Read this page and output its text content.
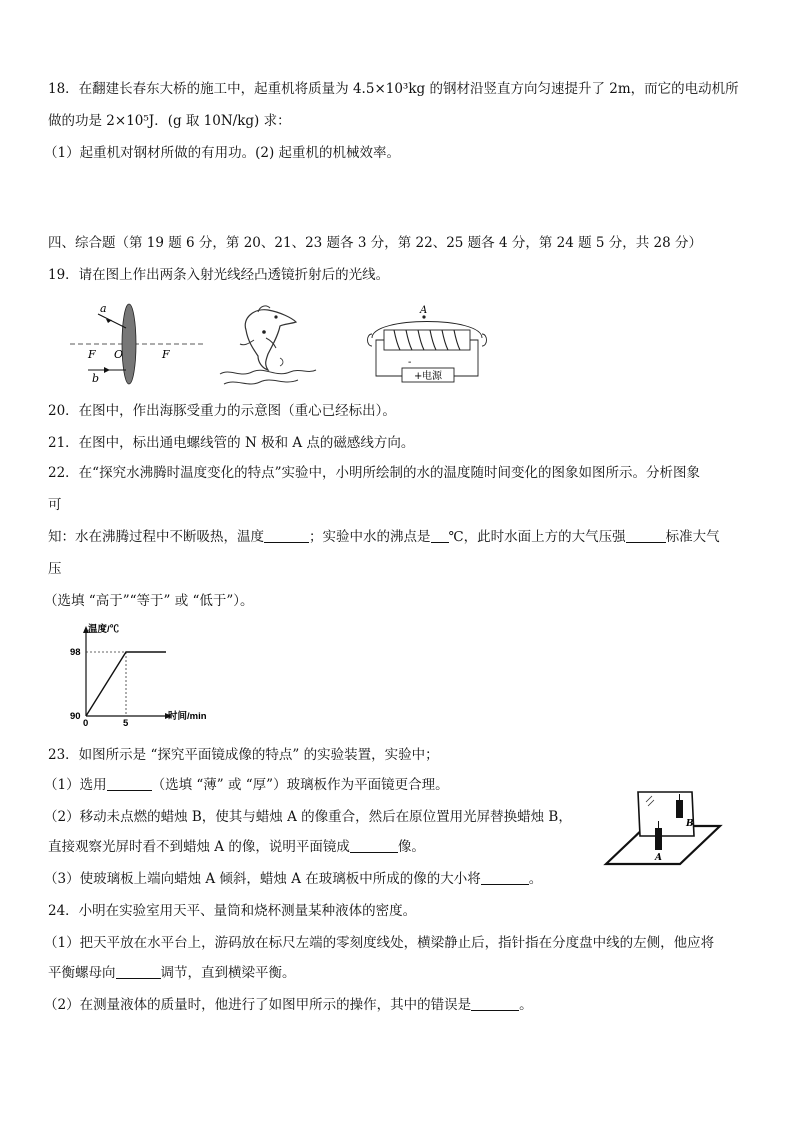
18．在翻建长春东大桥的施工中，起重机将质量为 4.5×10³kg 的钢材沿竖直方向匀速提升了 2m，而它的电动机所
做的功是 2×10⁵J．(g 取 10N/kg) 求：
（1）起重机对钢材所做的有用功。(2) 起重机的机械效率。
四、综合题（第 19 题 6 分，第 20、21、23 题各 3 分，第 22、25 题各 4 分，第 24 题 5 分，共 28 分）
19．请在图上作出两条入射光线经凸透镜折射后的光线。
a
b
F O	F
A
-
+ 电源
20．在图中，作出海豚受重力的示意图（重心已经标出）。
21．在图中，标出通电螺线管的 N 极和 A 点的磁感线方向。
22．在“探究水沸腾时温度变化的特点”实验中，小明所绘制的水的温度随时间变化的图象如图所示。分析图象
可
知：水在沸腾过程中不断吸热，温度	；实验中水的沸点是 ℃，此时水面上方的大气压强	标准大气
压
（选填 “高于”“等于” 或 “低于”）。
温度/℃
时间/min
98
90
0	5
23．如图所示是 “探究平面镜成像的特点” 的实验装置，实验中；
（1）选用	（选填 “薄” 或 “厚”）玻璃板作为平面镜更合理。
（2）移动未点燃的蜡烛 B，使其与蜡烛 A 的像重合，然后在原位置用光屏替换蜡烛 B，
直接观察光屏时看不到蜡烛 A 的像，说明平面镜成	像。
（3）使玻璃板上端向蜡烛 A 倾斜，蜡烛 A 在玻璃板中所成的像的大小将	。
A
B
24．小明在实验室用天平、量筒和烧杯测量某种液体的密度。
（1）把天平放在水平台上，游码放在标尺左端的零刻度线处，横梁静止后，指针指在分度盘中线的左侧，他应将
平衡螺母向	调节，直到横梁平衡。
（2）在测量液体的质量时，他进行了如图甲所示的操作，其中的错误是	。
